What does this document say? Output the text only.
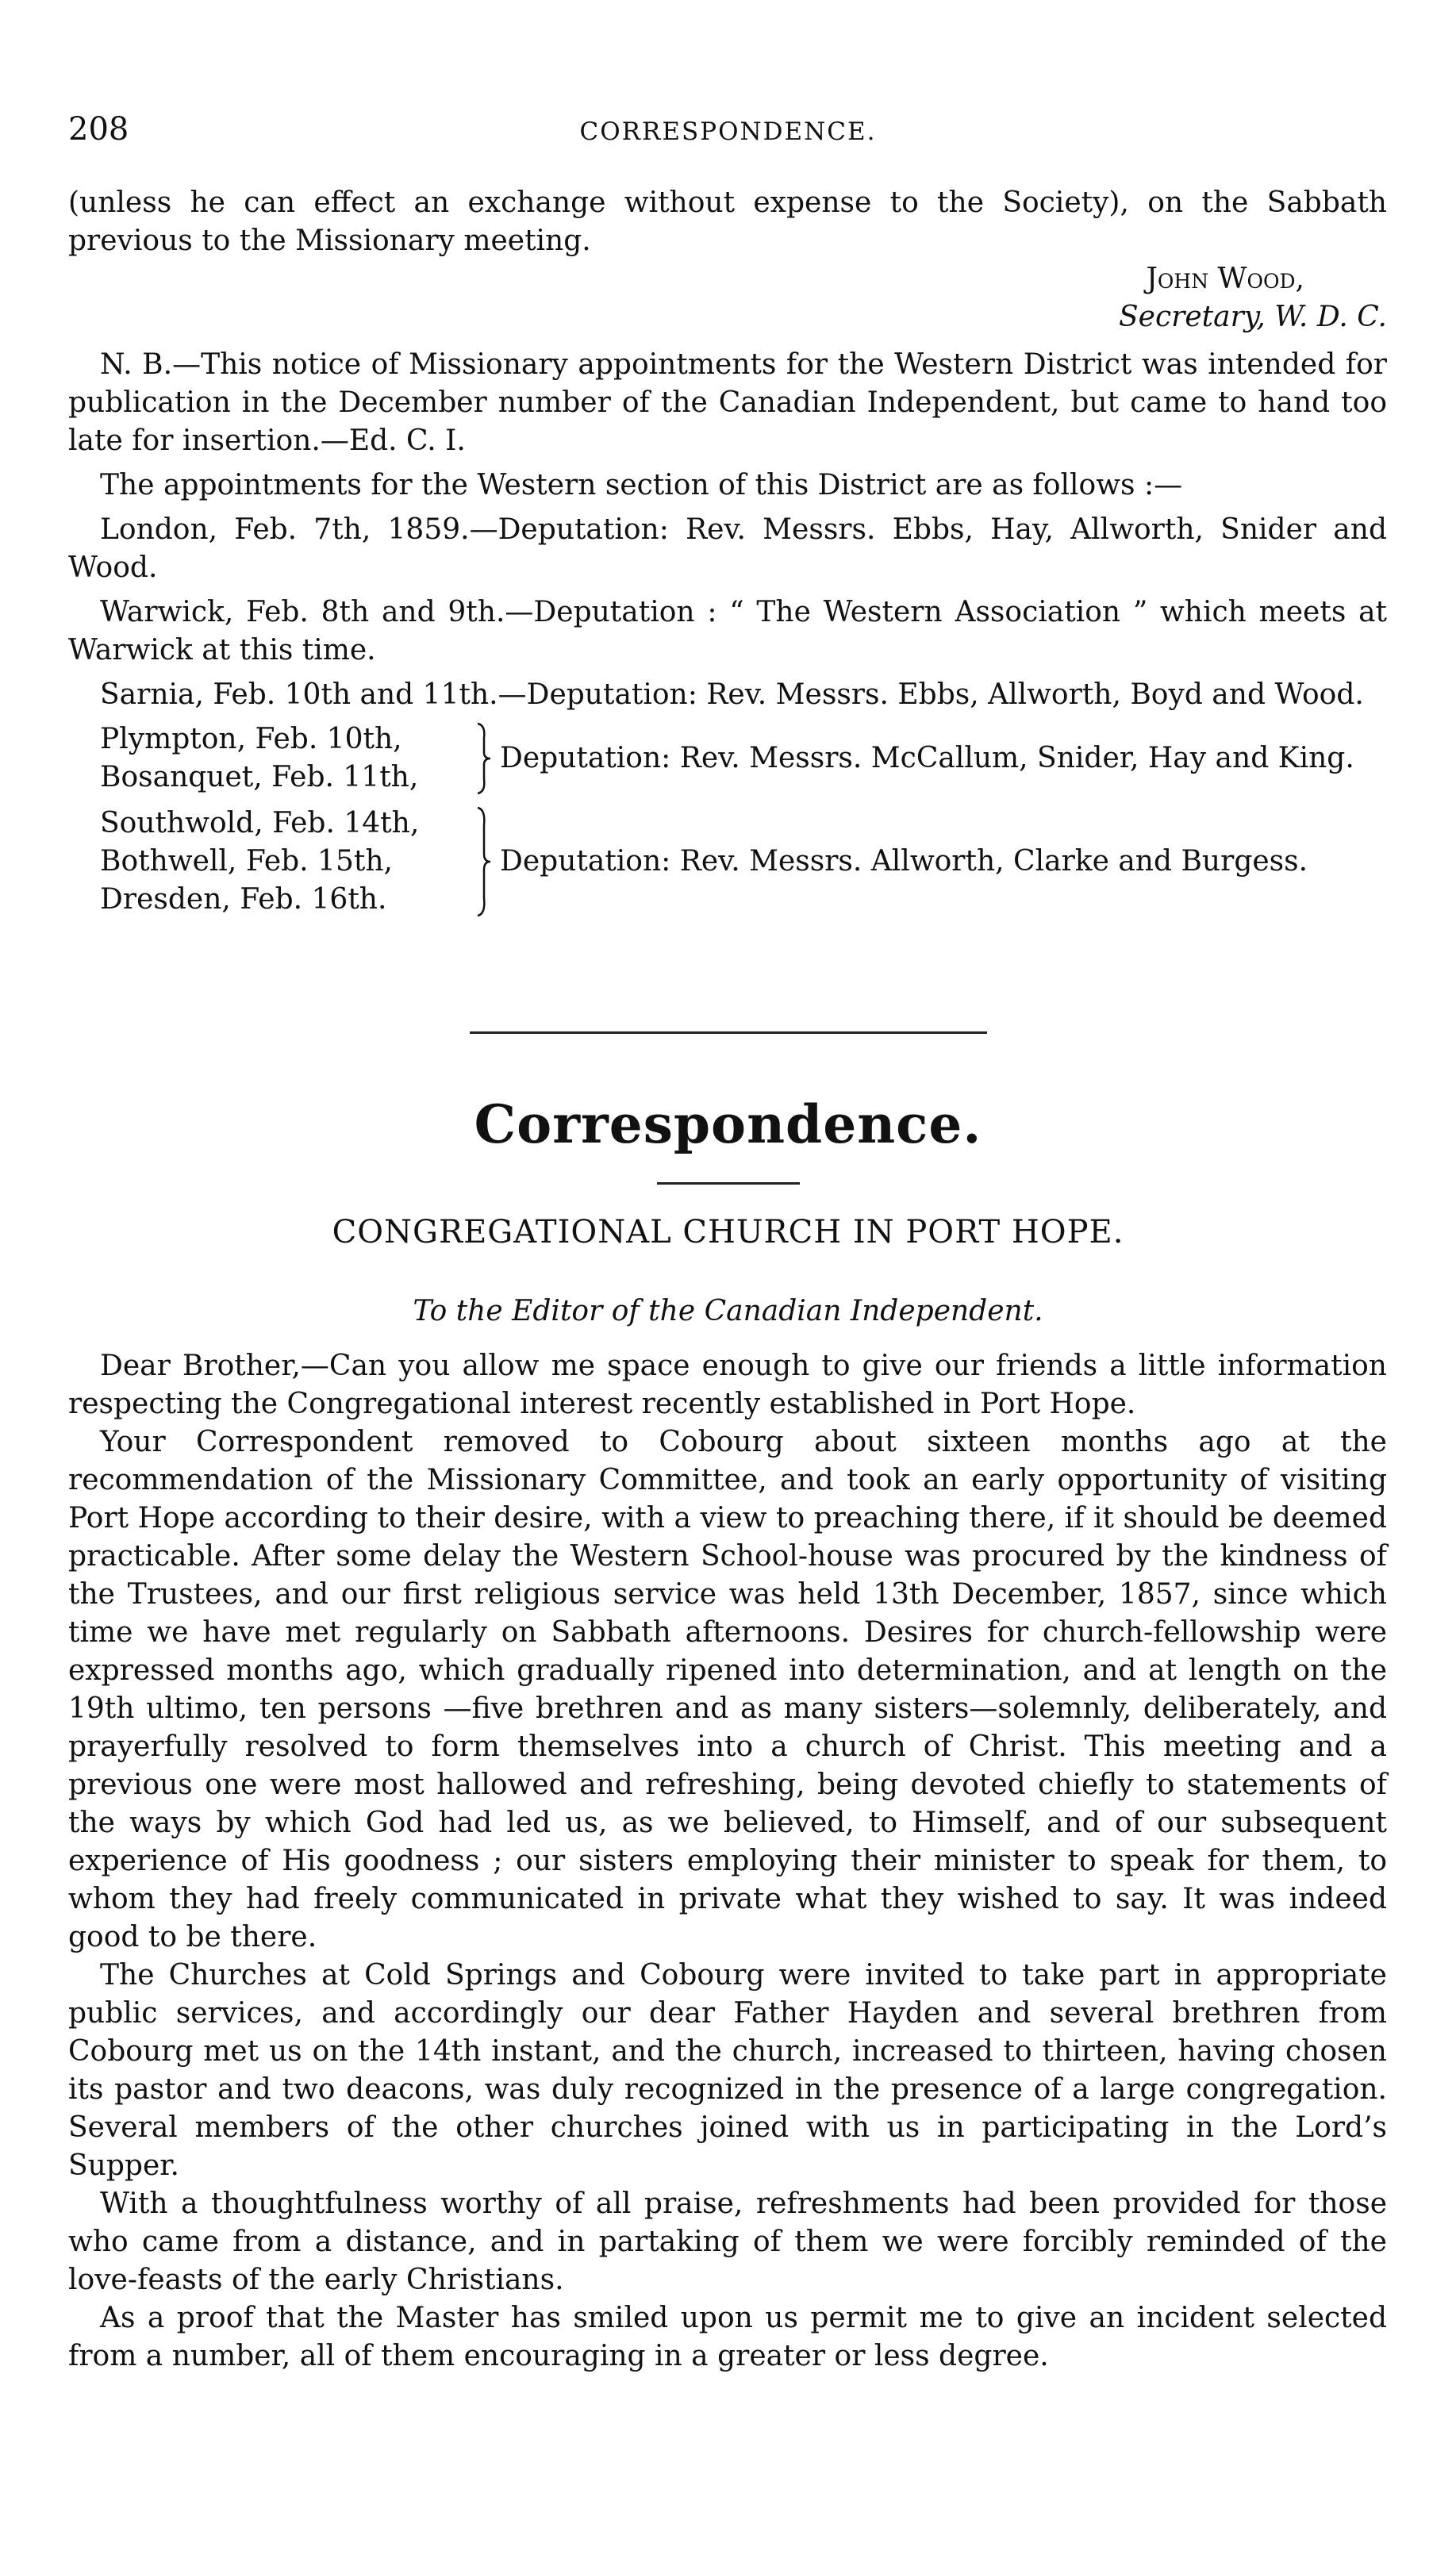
208	CORRESPONDENCE.

(unless he can effect an exchange without expense to the Society), on the Sabbath previous to the Missionary meeting.

John Wood,
Secretary, W. D. C.

N. B.—This notice of Missionary appointments for the Western District was intended for publication in the December number of the Canadian Independent, but came to hand too late for insertion.—Ed. C. I.

The appointments for the Western section of this District are as follows :—

London, Feb. 7th, 1859.—Deputation: Rev. Messrs. Ebbs, Hay, Allworth, Snider and Wood.

Warwick, Feb. 8th and 9th.—Deputation : “ The Western Association ” which meets at Warwick at this time.

Sarnia, Feb. 10th and 11th.—Deputation: Rev. Messrs. Ebbs, Allworth, Boyd and Wood.

Plympton, Feb. 10th,
Bosanquet, Feb. 11th,
Deputation: Rev. Messrs. McCallum, Snider, Hay and King.
Southwold, Feb. 14th,
Bothwell, Feb. 15th,
Dresden, Feb. 16th.
Deputation: Rev. Messrs. Allworth, Clarke and Burgess.
Correspondence.
CONGREGATIONAL CHURCH IN PORT HOPE.
To the Editor of the Canadian Independent.

Dear Brother,—Can you allow me space enough to give our friends a little information respecting the Congregational interest recently established in Port Hope.

Your Correspondent removed to Cobourg about sixteen months ago at the recommendation of the Missionary Committee, and took an early opportunity of visiting Port Hope according to their desire, with a view to preaching there, if it should be deemed practicable. After some delay the Western School-house was procured by the kindness of the Trustees, and our first religious service was held 13th December, 1857, since which time we have met regularly on Sabbath afternoons. Desires for church-fellowship were expressed months ago, which gradually ripened into determination, and at length on the 19th ultimo, ten persons —five brethren and as many sisters—solemnly, deliberately, and prayerfully resolved to form themselves into a church of Christ. This meeting and a previous one were most hallowed and refreshing, being devoted chiefly to statements of the ways by which God had led us, as we believed, to Himself, and of our subsequent experience of His goodness ; our sisters employing their minister to speak for them, to whom they had freely communicated in private what they wished to say. It was indeed good to be there.

The Churches at Cold Springs and Cobourg were invited to take part in appropriate public services, and accordingly our dear Father Hayden and several brethren from Cobourg met us on the 14th instant, and the church, increased to thirteen, having chosen its pastor and two deacons, was duly recognized in the presence of a large congregation. Several members of the other churches joined with us in participating in the Lord’s Supper.

With a thoughtfulness worthy of all praise, refreshments had been provided for those who came from a distance, and in partaking of them we were forcibly reminded of the love-feasts of the early Christians.

As a proof that the Master has smiled upon us permit me to give an incident selected from a number, all of them encouraging in a greater or less degree.
